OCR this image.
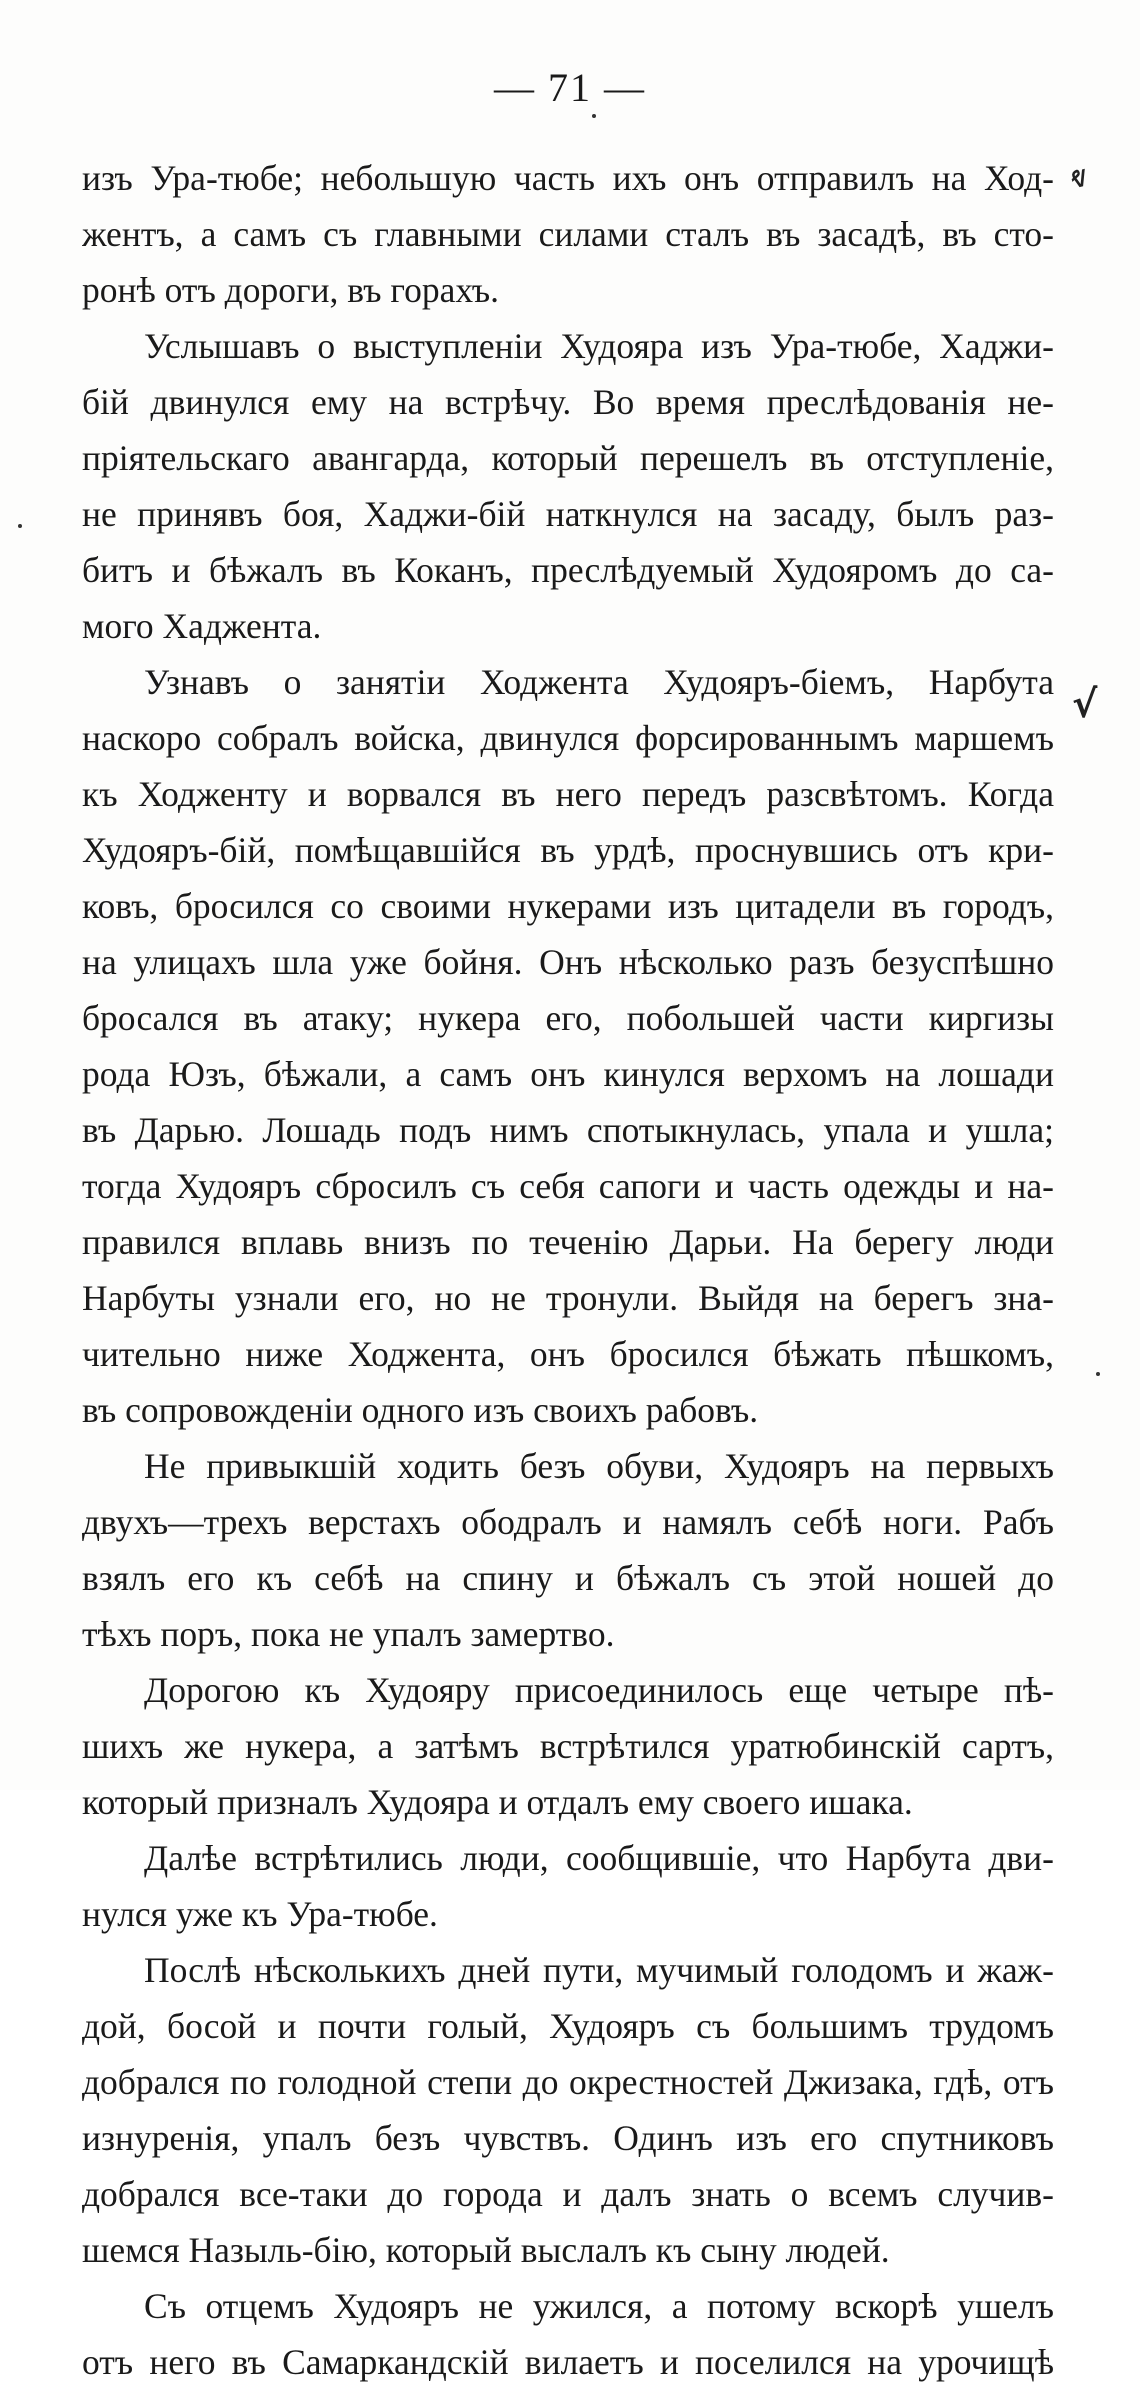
— 71 —
ⱴ
√
изъ Ура-тюбе; небольшую часть ихъ онъ отправилъ на Ход-
жентъ, а самъ съ главными силами сталъ въ засадѣ, въ сто-
ронѣ отъ дороги, въ горахъ.
Услышавъ о выступленіи Худояра изъ Ура-тюбе, Хаджи-
бій двинулся ему на встрѣчу. Во время преслѣдованія не-
пріятельскаго авангарда, который перешелъ въ отступленіе,
не принявъ боя, Хаджи-бій наткнулся на засаду, былъ раз-
битъ и бѣжалъ въ Коканъ, преслѣдуемый Худояромъ до са-
мого Хаджента.
Узнавъ о занятіи Ходжента Худояръ-біемъ, Нарбута
наскоро собралъ войска, двинулся форсированнымъ маршемъ
къ Ходженту и ворвался въ него передъ разсвѣтомъ. Когда
Худояръ-бій, помѣщавшійся въ урдѣ, проснувшись отъ кри-
ковъ, бросился со своими нукерами изъ цитадели въ городъ,
на улицахъ шла уже бойня. Онъ нѣсколько разъ безуспѣшно
бросался въ атаку; нукера его, побольшей части киргизы
рода Юзъ, бѣжали, а самъ онъ кинулся верхомъ на лошади
въ Дарью. Лошадь подъ нимъ спотыкнулась, упала и ушла;
тогда Худояръ сбросилъ съ себя сапоги и часть одежды и на-
правился вплавь внизъ по теченію Дарьи. На берегу люди
Нарбуты узнали его, но не тронули. Выйдя на берегъ зна-
чительно ниже Ходжента, онъ бросился бѣжать пѣшкомъ,
въ сопровожденіи одного изъ своихъ рабовъ.
Не привыкшій ходить безъ обуви, Худояръ на первыхъ
двухъ—трехъ верстахъ ободралъ и намялъ себѣ ноги. Рабъ
взялъ его къ себѣ на спину и бѣжалъ съ этой ношей до
тѣхъ поръ, пока не упалъ замертво.
Дорогою къ Худояру присоединилось еще четыре пѣ-
шихъ же нукера, а затѣмъ встрѣтился уратюбинскій сартъ,
который призналъ Худояра и отдалъ ему своего ишака.
Далѣе встрѣтились люди, сообщившіе, что Нарбута дви-
нулся уже къ Ура-тюбе.
Послѣ нѣсколькихъ дней пути, мучимый голодомъ и жаж-
дой, босой и почти голый, Худояръ съ большимъ трудомъ
добрался по голодной степи до окрестностей Джизака, гдѣ, отъ
изнуренія, упалъ безъ чувствъ. Одинъ изъ его спутниковъ
добрался все-таки до города и далъ знать о всемъ случив-
шемся Назыль-бію, который выслалъ къ сыну людей.
Съ отцемъ Худояръ не ужился, а потому вскорѣ ушелъ
отъ него въ Самаркандскій вилаетъ и поселился на урочищѣ
